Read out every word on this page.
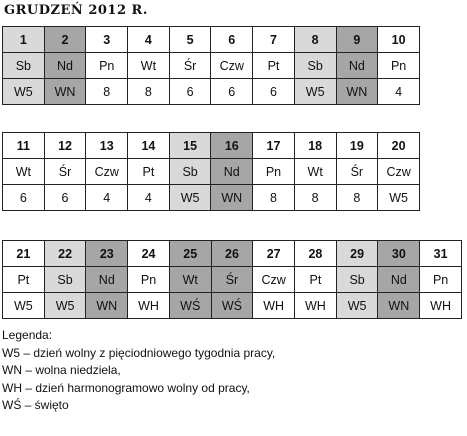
GRUDZEŃ 2012 R.
1	2	3	4	5	6	7	8	9	10
Sb	Nd	Pn	Wt	Śr	Czw	Pt	Sb	Nd	Pn
W5	WN	8	8	6	6	6	W5	WN	4
11	12	13	14	15	16	17	18	19	20
Wt	Śr	Czw	Pt	Sb	Nd	Pn	Wt	Śr	Czw
6	6	4	4	W5	WN	8	8	8	W5
21	22	23	24	25	26	27	28	29	30	31
Pt	Sb	Nd	Pn	Wt	Śr	Czw	Pt	Sb	Nd	Pn
W5	W5	WN	WH	WŚ	WŚ	WH	WH	W5	WN	WH
Legenda:
W5 – dzień wolny z pięciodniowego tygodnia pracy,
WN – wolna niedziela,
WH – dzień harmonogramowo wolny od pracy,
WŚ – święto
